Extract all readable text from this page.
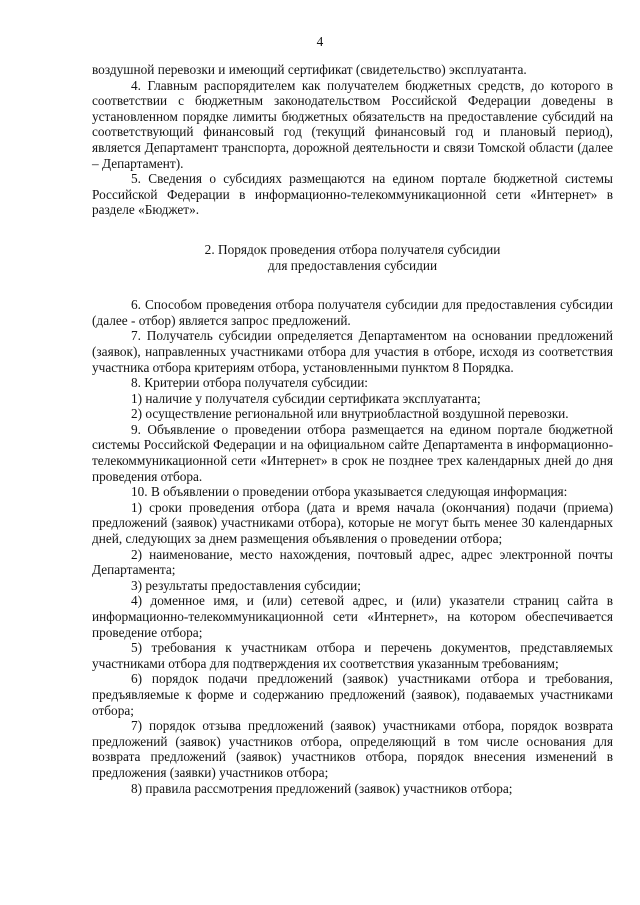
4

воздушной перевозки и имеющий сертификат (свидетельство) эксплуатанта.

4. Главным распорядителем как получателем бюджетных средств, до которого в соответствии с бюджетным законодательством Российской Федерации доведены в установленном порядке лимиты бюджетных обязательств на предоставление субсидий на соответствующий финансовый год (текущий финансовый год и плановый период), является Департамент транспорта, дорожной деятельности и связи Томской области (далее – Департамент).

5. Сведения о субсидиях размещаются на едином портале бюджетной системы Российской Федерации в информационно-телекоммуникационной сети «Интернет» в разделе «Бюджет».

2. Порядок проведения отбора получателя субсидии
для предоставления субсидии

6. Способом проведения отбора получателя субсидии для предоставления субсидии (далее - отбор) является запрос предложений.

7. Получатель субсидии определяется Департаментом на основании предложений (заявок), направленных участниками отбора для участия в отборе, исходя из соответствия участника отбора критериям отбора, установленными пунктом 8 Порядка.

8. Критерии отбора получателя субсидии:

1) наличие у получателя субсидии сертификата эксплуатанта;

2) осуществление региональной или внутриобластной воздушной перевозки.

9. Объявление о проведении отбора размещается на едином портале бюджетной системы Российской Федерации и на официальном сайте Департамента в информационно-телекоммуникационной сети «Интернет» в срок не позднее трех календарных дней до дня проведения отбора.

10. В объявлении о проведении отбора указывается следующая информация:

1) сроки проведения отбора (дата и время начала (окончания) подачи (приема) предложений (заявок) участниками отбора), которые не могут быть менее 30 календарных дней, следующих за днем размещения объявления о проведении отбора;

2) наименование, место нахождения, почтовый адрес, адрес электронной почты Департамента;

3) результаты предоставления субсидии;

4) доменное имя, и (или) сетевой адрес, и (или) указатели страниц сайта в информационно-телекоммуникационной сети «Интернет», на котором обеспечивается проведение отбора;

5) требования к участникам отбора и перечень документов, представляемых участниками отбора для подтверждения их соответствия указанным требованиям;

6) порядок подачи предложений (заявок) участниками отбора и требования, предъявляемые к форме и содержанию предложений (заявок), подаваемых участниками отбора;

7) порядок отзыва предложений (заявок) участниками отбора, порядок возврата предложений (заявок) участников отбора, определяющий в том числе основания для возврата предложений (заявок) участников отбора, порядок внесения изменений в предложения (заявки) участников отбора;

8) правила рассмотрения предложений (заявок) участников отбора;
